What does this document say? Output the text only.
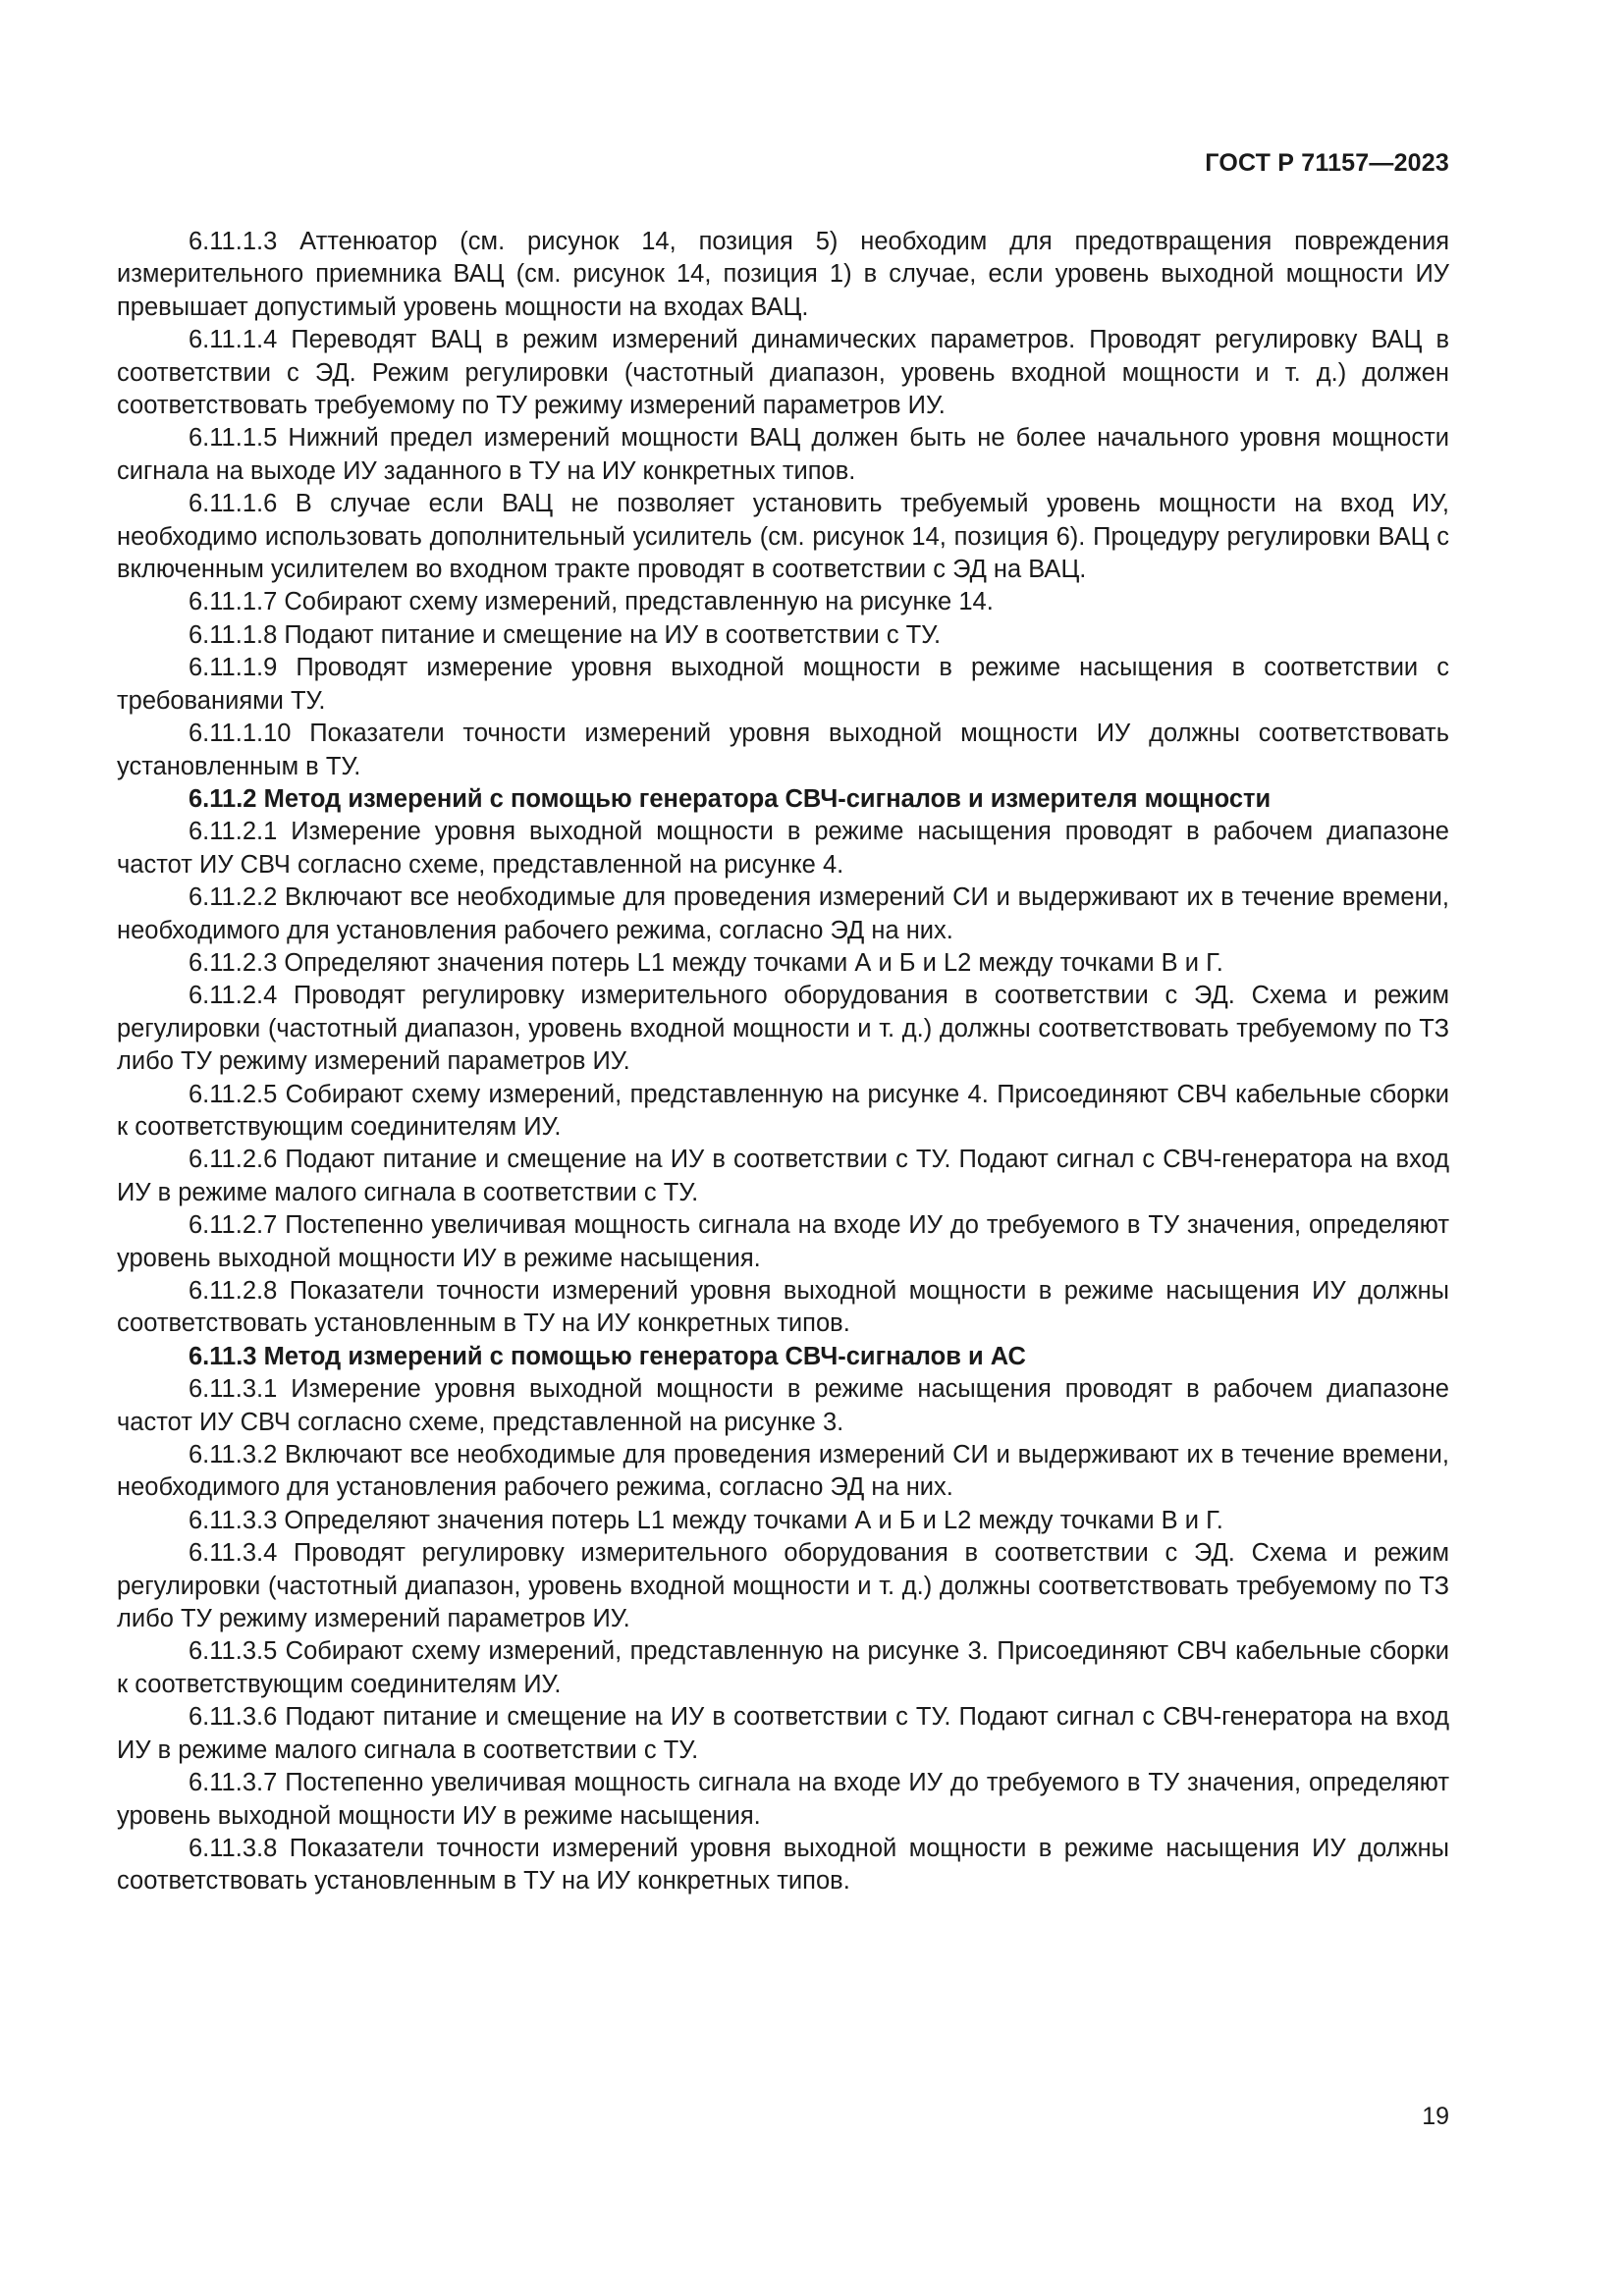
ГОСТ Р 71157—2023

6.11.1.3 Аттенюатор (см. рисунок 14, позиция 5) необходим для предотвращения повреждения измерительного приемника ВАЦ (см. рисунок 14, позиция 1) в случае, если уровень выходной мощности ИУ превышает допустимый уровень мощности на входах ВАЦ.

6.11.1.4 Переводят ВАЦ в режим измерений динамических параметров. Проводят регулировку ВАЦ в соответствии с ЭД. Режим регулировки (частотный диапазон, уровень входной мощности и т. д.) должен соответствовать требуемому по ТУ режиму измерений параметров ИУ.

6.11.1.5 Нижний предел измерений мощности ВАЦ должен быть не более начального уровня мощности сигнала на выходе ИУ заданного в ТУ на ИУ конкретных типов.

6.11.1.6 В случае если ВАЦ не позволяет установить требуемый уровень мощности на вход ИУ, необходимо использовать дополнительный усилитель (см. рисунок 14, позиция 6). Процедуру регулировки ВАЦ с включенным усилителем во входном тракте проводят в соответствии с ЭД на ВАЦ.

6.11.1.7 Собирают схему измерений, представленную на рисунке 14.

6.11.1.8 Подают питание и смещение на ИУ в соответствии с ТУ.

6.11.1.9 Проводят измерение уровня выходной мощности в режиме насыщения в соответствии с требованиями ТУ.

6.11.1.10 Показатели точности измерений уровня выходной мощности ИУ должны соответствовать установленным в ТУ.

6.11.2 Метод измерений с помощью генератора СВЧ-сигналов и измерителя мощности

6.11.2.1 Измерение уровня выходной мощности в режиме насыщения проводят в рабочем диапазоне частот ИУ СВЧ согласно схеме, представленной на рисунке 4.

6.11.2.2 Включают все необходимые для проведения измерений СИ и выдерживают их в течение времени, необходимого для установления рабочего режима, согласно ЭД на них.

6.11.2.3 Определяют значения потерь L1 между точками А и Б и L2 между точками В и Г.

6.11.2.4 Проводят регулировку измерительного оборудования в соответствии с ЭД. Схема и режим регулировки (частотный диапазон, уровень входной мощности и т. д.) должны соответствовать требуемому по ТЗ либо ТУ режиму измерений параметров ИУ.

6.11.2.5 Собирают схему измерений, представленную на рисунке 4. Присоединяют СВЧ кабельные сборки к соответствующим соединителям ИУ.

6.11.2.6 Подают питание и смещение на ИУ в соответствии с ТУ. Подают сигнал с СВЧ-генератора на вход ИУ в режиме малого сигнала в соответствии с ТУ.

6.11.2.7 Постепенно увеличивая мощность сигнала на входе ИУ до требуемого в ТУ значения, определяют уровень выходной мощности ИУ в режиме насыщения.

6.11.2.8 Показатели точности измерений уровня выходной мощности в режиме насыщения ИУ должны соответствовать установленным в ТУ на ИУ конкретных типов.

6.11.3 Метод измерений с помощью генератора СВЧ-сигналов и АС

6.11.3.1 Измерение уровня выходной мощности в режиме насыщения проводят в рабочем диапазоне частот ИУ СВЧ согласно схеме, представленной на рисунке 3.

6.11.3.2 Включают все необходимые для проведения измерений СИ и выдерживают их в течение времени, необходимого для установления рабочего режима, согласно ЭД на них.

6.11.3.3 Определяют значения потерь L1 между точками А и Б и L2 между точками В и Г.

6.11.3.4 Проводят регулировку измерительного оборудования в соответствии с ЭД. Схема и режим регулировки (частотный диапазон, уровень входной мощности и т. д.) должны соответствовать требуемому по ТЗ либо ТУ режиму измерений параметров ИУ.

6.11.3.5 Собирают схему измерений, представленную на рисунке 3. Присоединяют СВЧ кабельные сборки к соответствующим соединителям ИУ.

6.11.3.6 Подают питание и смещение на ИУ в соответствии с ТУ. Подают сигнал с СВЧ-генератора на вход ИУ в режиме малого сигнала в соответствии с ТУ.

6.11.3.7 Постепенно увеличивая мощность сигнала на входе ИУ до требуемого в ТУ значения, определяют уровень выходной мощности ИУ в режиме насыщения.

6.11.3.8 Показатели точности измерений уровня выходной мощности в режиме насыщения ИУ должны соответствовать установленным в ТУ на ИУ конкретных типов.

19
